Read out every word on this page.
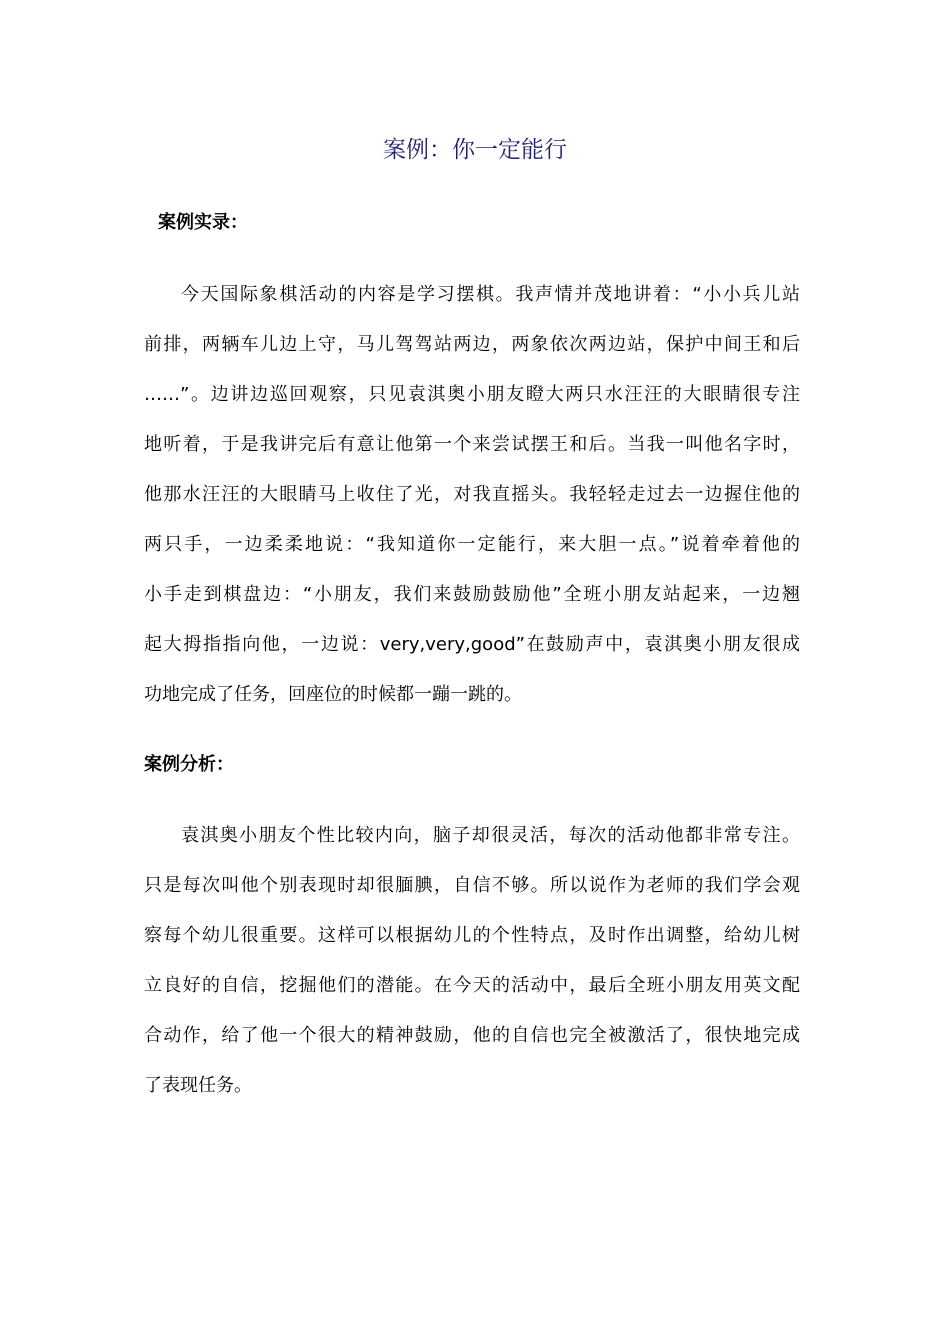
案例：你一定能行
案例实录：
今天国际象棋活动的内容是学习摆棋。我声情并茂地讲着：“小小兵儿站
前排，两辆车儿边上守，马儿驾驾站两边，两象依次两边站，保护中间王和后
……”。边讲边巡回观察，只见袁淇奥小朋友瞪大两只水汪汪的大眼睛很专注
地听着，于是我讲完后有意让他第一个来尝试摆王和后。当我一叫他名字时，
他那水汪汪的大眼睛马上收住了光，对我直摇头。我轻轻走过去一边握住他的
两只手，一边柔柔地说：“我知道你一定能行，来大胆一点。”说着牵着他的
小手走到棋盘边：“小朋友，我们来鼓励鼓励他”全班小朋友站起来，一边翘
起大拇指指向他，一边说：very,very,good”在鼓励声中，袁淇奥小朋友很成
功地完成了任务，回座位的时候都一蹦一跳的。
案例分析：
袁淇奥小朋友个性比较内向，脑子却很灵活，每次的活动他都非常专注。
只是每次叫他个别表现时却很腼腆，自信不够。所以说作为老师的我们学会观
察每个幼儿很重要。这样可以根据幼儿的个性特点，及时作出调整，给幼儿树
立良好的自信，挖掘他们的潜能。在今天的活动中，最后全班小朋友用英文配
合动作，给了他一个很大的精神鼓励，他的自信也完全被激活了，很快地完成
了表现任务。
